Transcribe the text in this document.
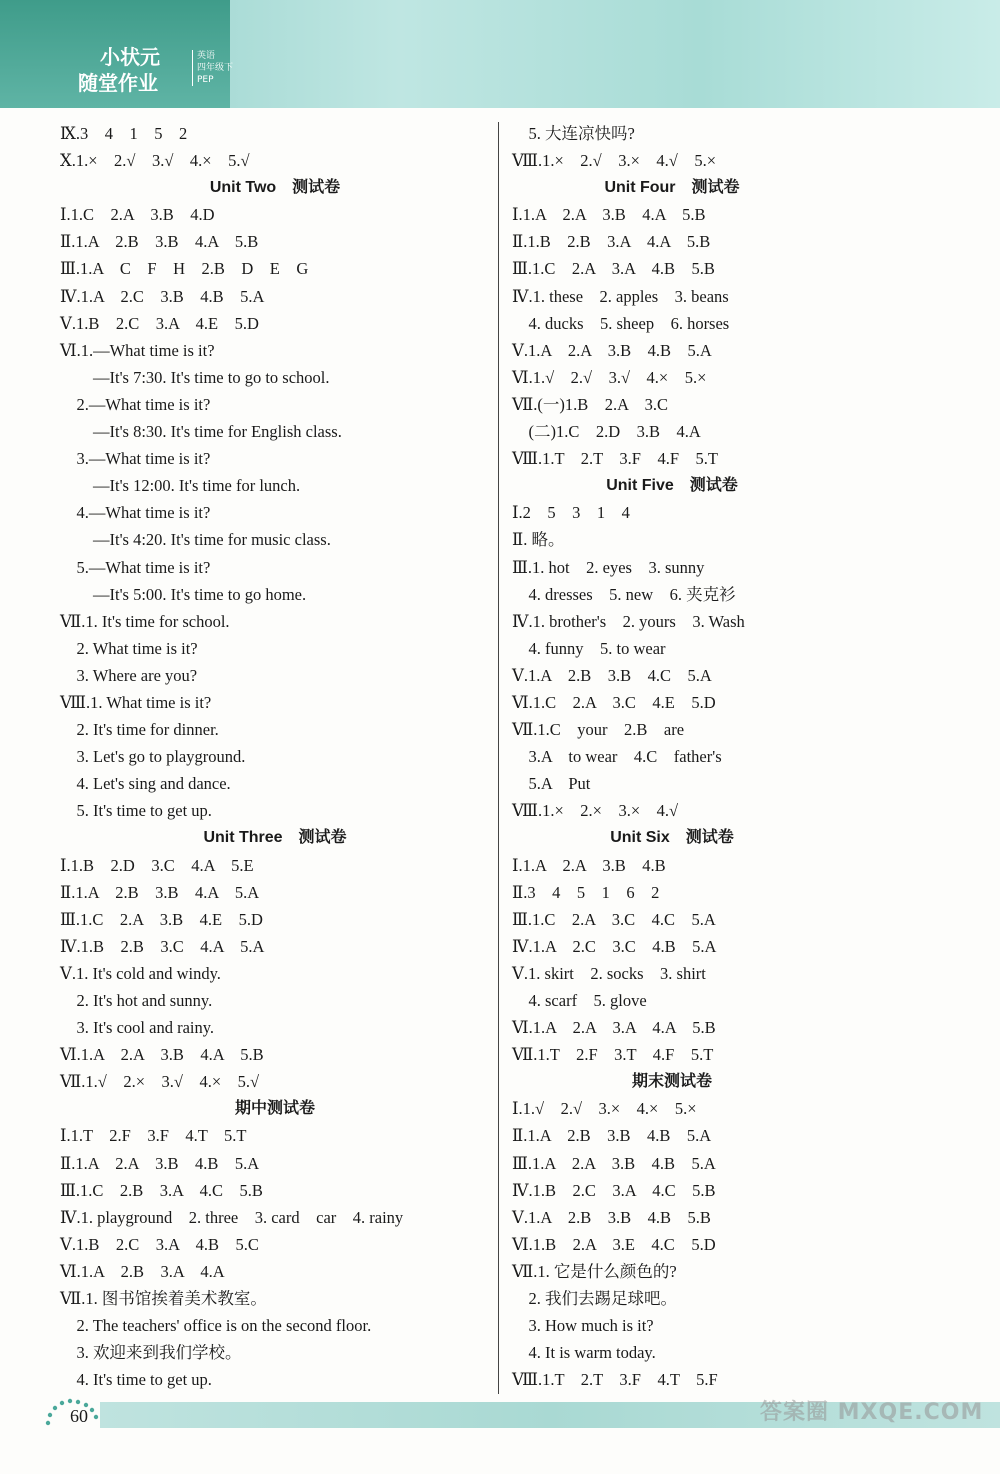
小状元
随堂作业
英语
四年级下
PEP
Ⅸ.3　4　1　5　2
Ⅹ.1.×　2.√　3.√　4.×　5.√
Unit Two　测试卷
Ⅰ.1.C　2.A　3.B　4.D
Ⅱ.1.A　2.B　3.B　4.A　5.B
Ⅲ.1.A　C　F　H　2.B　D　E　G
Ⅳ.1.A　2.C　3.B　4.B　5.A
Ⅴ.1.B　2.C　3.A　4.E　5.D
Ⅵ.1.—What time is it?
　　—It's 7:30. It's time to go to school.
　2.—What time is it?
　　—It's 8:30. It's time for English class.
　3.—What time is it?
　　—It's 12:00. It's time for lunch.
　4.—What time is it?
　　—It's 4:20. It's time for music class.
　5.—What time is it?
　　—It's 5:00. It's time to go home.
Ⅶ.1. It's time for school.
　2. What time is it?
　3. Where are you?
Ⅷ.1. What time is it?
　2. It's time for dinner.
　3. Let's go to playground.
　4. Let's sing and dance.
　5. It's time to get up.
Unit Three　测试卷
Ⅰ.1.B　2.D　3.C　4.A　5.E
Ⅱ.1.A　2.B　3.B　4.A　5.A
Ⅲ.1.C　2.A　3.B　4.E　5.D
Ⅳ.1.B　2.B　3.C　4.A　5.A
Ⅴ.1. It's cold and windy.
　2. It's hot and sunny.
　3. It's cool and rainy.
Ⅵ.1.A　2.A　3.B　4.A　5.B
Ⅶ.1.√　2.×　3.√　4.×　5.√
期中测试卷
Ⅰ.1.T　2.F　3.F　4.T　5.T
Ⅱ.1.A　2.A　3.B　4.B　5.A
Ⅲ.1.C　2.B　3.A　4.C　5.B
Ⅳ.1. playground　2. three　3. card　car　4. rainy
Ⅴ.1.B　2.C　3.A　4.B　5.C
Ⅵ.1.A　2.B　3.A　4.A
Ⅶ.1. 图书馆挨着美术教室。
　2. The teachers' office is on the second floor.
　3. 欢迎来到我们学校。
　4. It's time to get up.
　5. 大连凉快吗?
Ⅷ.1.×　2.√　3.×　4.√　5.×
Unit Four　测试卷
Ⅰ.1.A　2.A　3.B　4.A　5.B
Ⅱ.1.B　2.B　3.A　4.A　5.B
Ⅲ.1.C　2.A　3.A　4.B　5.B
Ⅳ.1. these　2. apples　3. beans
　4. ducks　5. sheep　6. horses
Ⅴ.1.A　2.A　3.B　4.B　5.A
Ⅵ.1.√　2.√　3.√　4.×　5.×
Ⅶ.(一)1.B　2.A　3.C
　(二)1.C　2.D　3.B　4.A
Ⅷ.1.T　2.T　3.F　4.F　5.T
Unit Five　测试卷
Ⅰ.2　5　3　1　4
Ⅱ. 略。
Ⅲ.1. hot　2. eyes　3. sunny
　4. dresses　5. new　6. 夹克衫
Ⅳ.1. brother's　2. yours　3. Wash
　4. funny　5. to wear
Ⅴ.1.A　2.B　3.B　4.C　5.A
Ⅵ.1.C　2.A　3.C　4.E　5.D
Ⅶ.1.C　your　2.B　are
　3.A　to wear　4.C　father's
　5.A　Put
Ⅷ.1.×　2.×　3.×　4.√
Unit Six　测试卷
Ⅰ.1.A　2.A　3.B　4.B
Ⅱ.3　4　5　1　6　2
Ⅲ.1.C　2.A　3.C　4.C　5.A
Ⅳ.1.A　2.C　3.C　4.B　5.A
Ⅴ.1. skirt　2. socks　3. shirt
　4. scarf　5. glove
Ⅵ.1.A　2.A　3.A　4.A　5.B
Ⅶ.1.T　2.F　3.T　4.F　5.T
期末测试卷
Ⅰ.1.√　2.√　3.×　4.×　5.×
Ⅱ.1.A　2.B　3.B　4.B　5.A
Ⅲ.1.A　2.A　3.B　4.B　5.A
Ⅳ.1.B　2.C　3.A　4.C　5.B
Ⅴ.1.A　2.B　3.B　4.B　5.B
Ⅵ.1.B　2.A　3.E　4.C　5.D
Ⅶ.1. 它是什么颜色的?
　2. 我们去踢足球吧。
　3. How much is it?
　4. It is warm today.
Ⅷ.1.T　2.T　3.F　4.T　5.F
60	答案圈 MXQE.COM
